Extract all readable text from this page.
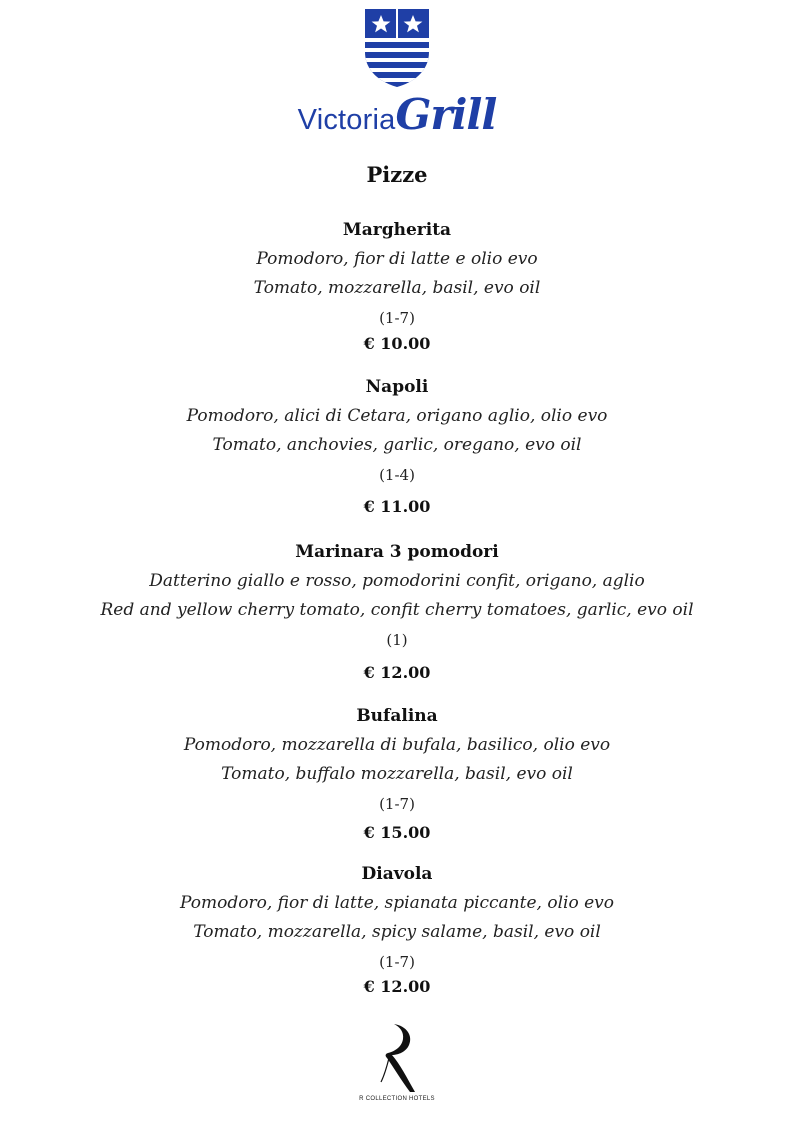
VictoriaGrill
Pizze
Margherita
Pomodoro, fior di latte e olio evo
Tomato, mozzarella, basil, evo oil
(1-7)
€ 10.00
Napoli
Pomodoro, alici di Cetara, origano aglio, olio evo
Tomato, anchovies, garlic, oregano, evo oil
(1-4)
€ 11.00
Marinara 3 pomodori
Datterino giallo e rosso, pomodorini confit, origano, aglio
Red and yellow cherry tomato, confit cherry tomatoes, garlic, evo oil
(1)
€ 12.00
Bufalina
Pomodoro, mozzarella di bufala, basilico, olio evo
Tomato, buffalo mozzarella, basil, evo oil
(1-7)
€ 15.00
Diavola
Pomodoro, fior di latte, spianata piccante, olio evo
Tomato, mozzarella, spicy salame, basil, evo oil
(1-7)
€ 12.00
R COLLECTION HOTELS
